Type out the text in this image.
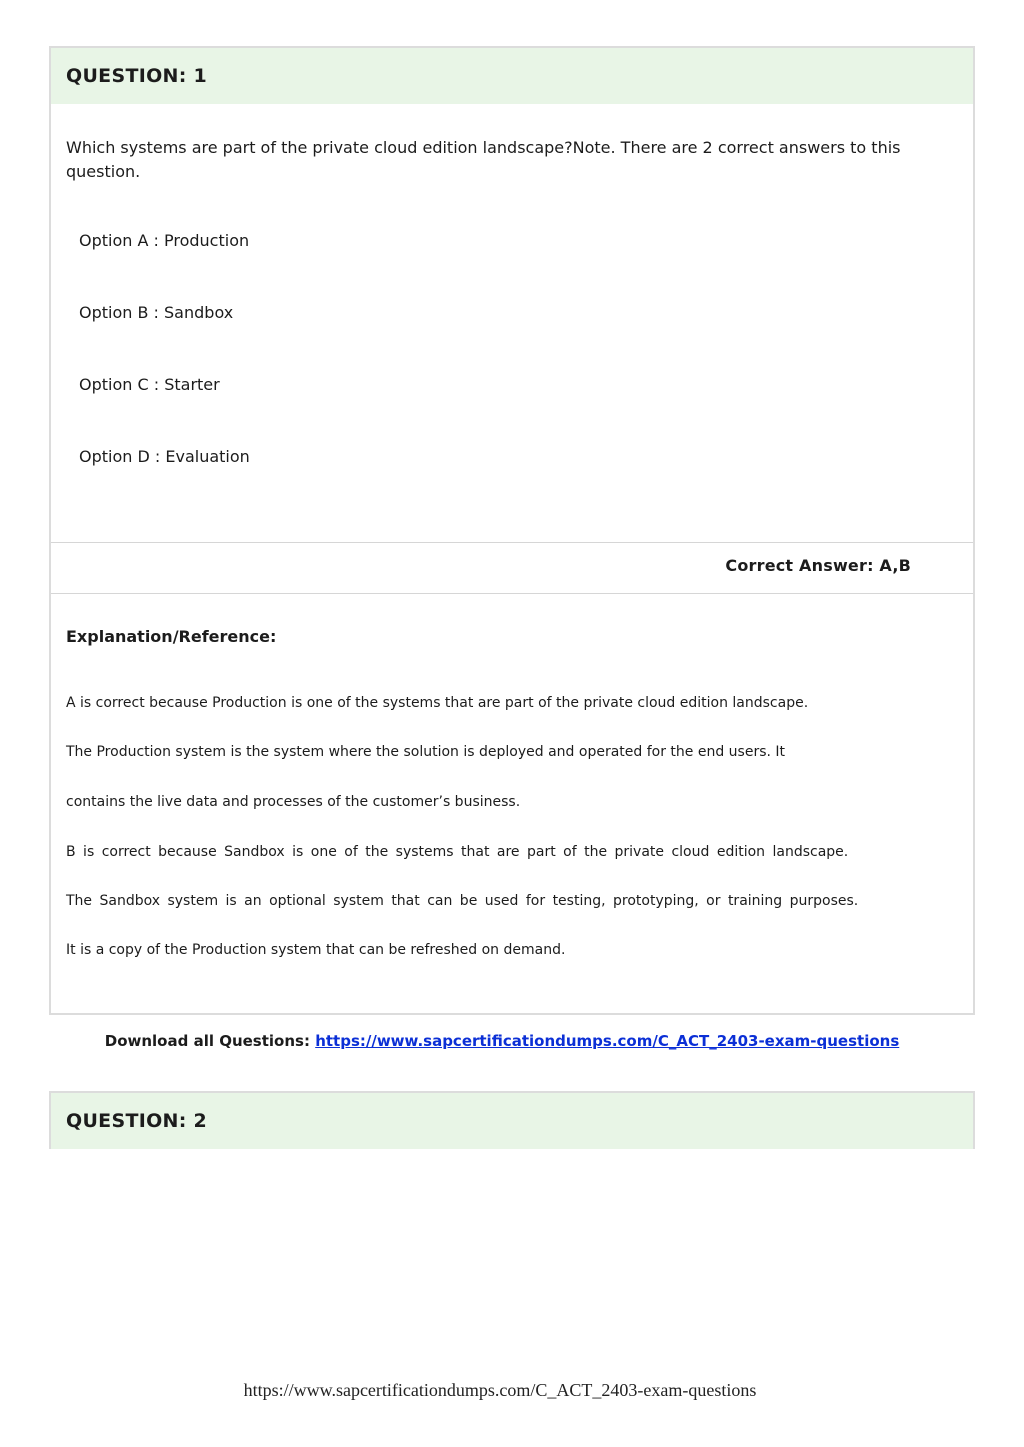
QUESTION: 1
Which systems are part of the private cloud edition landscape?Note. There are 2 correct answers to this question.
Option A : Production
Option B : Sandbox
Option C : Starter
Option D : Evaluation
Correct Answer: A,B
Explanation/Reference:
A is correct because Production is one of the systems that are part of the private cloud edition landscape.
The Production system is the system where the solution is deployed and operated for the end users. It
contains the live data and processes of the customer’s business.
B is correct because Sandbox is one of the systems that are part of the private cloud edition landscape.
The Sandbox system is an optional system that can be used for testing, prototyping, or training purposes.
It is a copy of the Production system that can be refreshed on demand.
Download all Questions: https://www.sapcertificationdumps.com/C_ACT_2403-exam-questions
QUESTION: 2
https://www.sapcertificationdumps.com/C_ACT_2403-exam-questions
